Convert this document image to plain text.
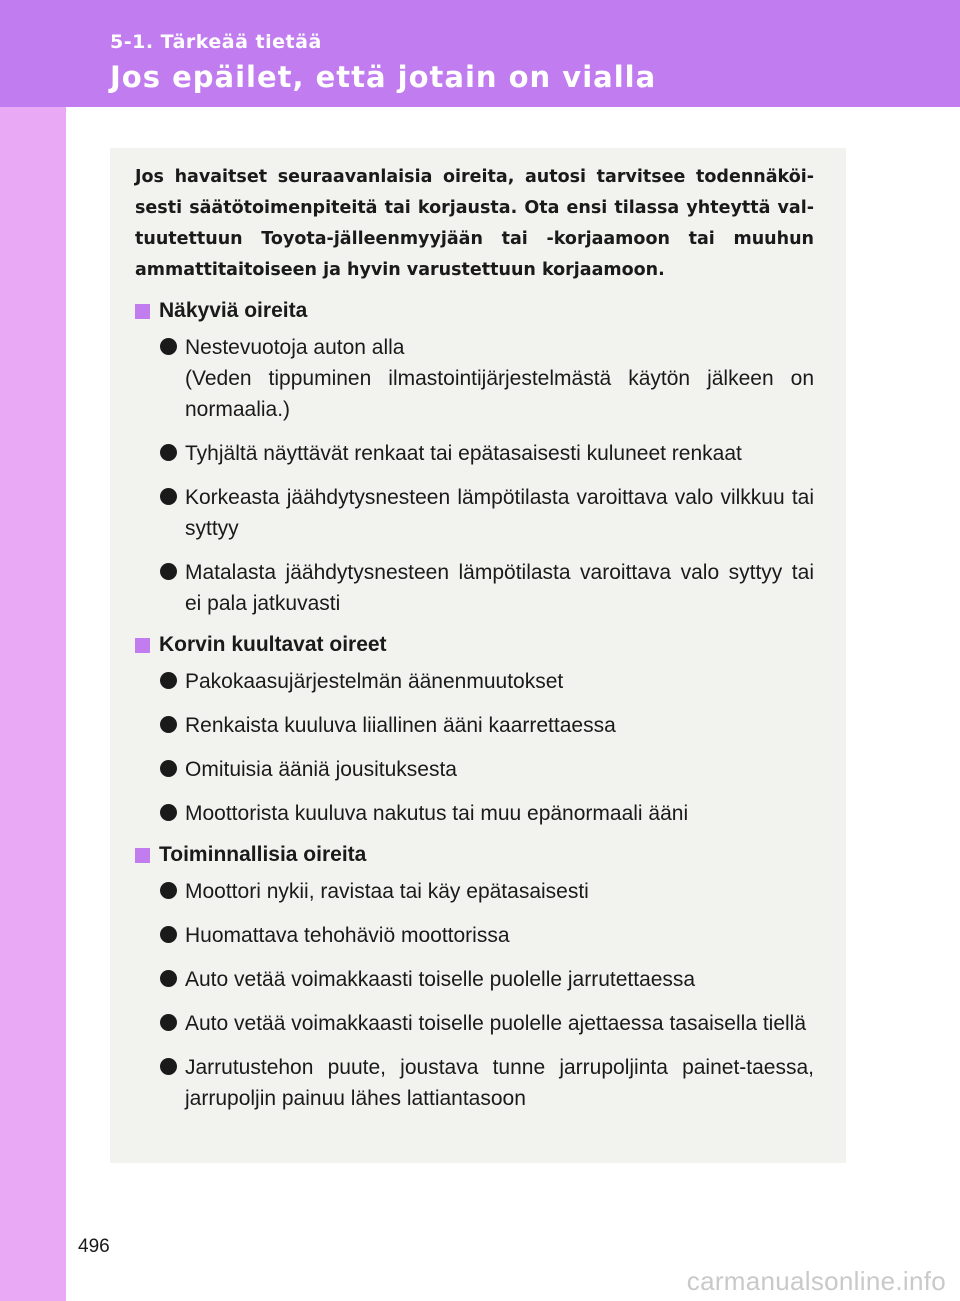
5-1. Tärkeää tietää
Jos epäilet, että jotain on vialla

Jos havaitset seuraavanlaisia oireita, autosi tarvitsee todennäköi-sesti säätötoimenpiteitä tai korjausta. Ota ensi tilassa yhteyttä val-tuutettuun Toyota-jälleenmyyjään tai -korjaamoon tai muuhun ammattitaitoiseen ja hyvin varustettuun korjaamoon.

Näkyviä oireita
Nestevuotoja auton alla
(Veden tippuminen ilmastointijärjestelmästä käytön jälkeen on normaalia.)
Tyhjältä näyttävät renkaat tai epätasaisesti kuluneet renkaat
Korkeasta jäähdytysnesteen lämpötilasta varoittava valo vilkkuu tai syttyy
Matalasta jäähdytysnesteen lämpötilasta varoittava valo syttyy tai ei pala jatkuvasti
Korvin kuultavat oireet
Pakokaasujärjestelmän äänenmuutokset
Renkaista kuuluva liiallinen ääni kaarrettaessa
Omituisia ääniä jousituksesta
Moottorista kuuluva nakutus tai muu epänormaali ääni
Toiminnallisia oireita
Moottori nykii, ravistaa tai käy epätasaisesti
Huomattava tehohäviö moottorissa
Auto vetää voimakkaasti toiselle puolelle jarrutettaessa
Auto vetää voimakkaasti toiselle puolelle ajettaessa tasaisella tiellä
Jarrutustehon puute, joustava tunne jarrupoljinta painet-taessa, jarrupoljin painuu lähes lattiantasoon
496
carmanualsonline.info
